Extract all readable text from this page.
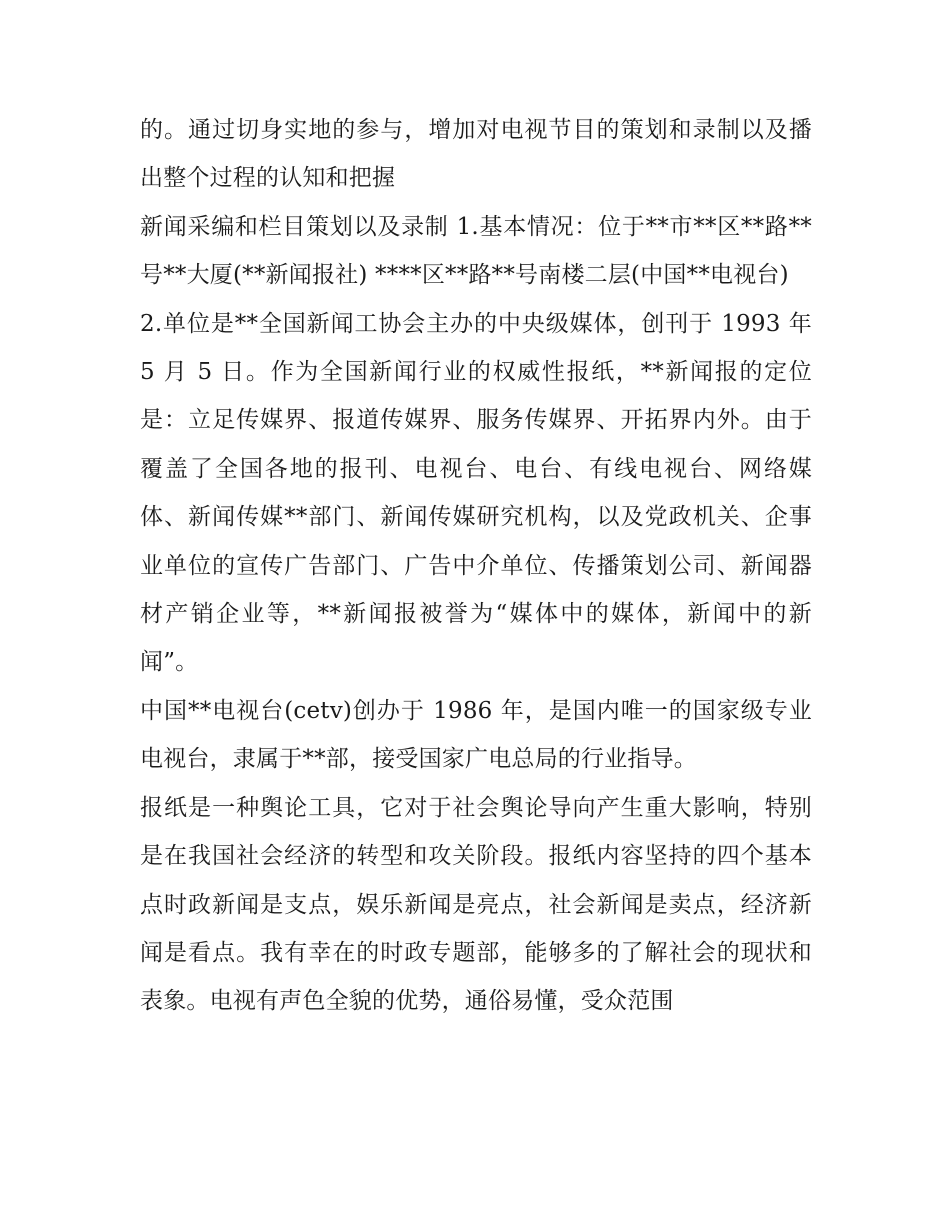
的。通过切身实地的参与，增加对电视节目的策划和录制以及播出整个过程的认知和把握

新闻采编和栏目策划以及录制 1.基本情况：位于**市**区**路**号**大厦(**新闻报社) ****区**路**号南楼二层(中国**电视台)

2.单位是**全国新闻工协会主办的中央级媒体，创刊于 1993 年 5 月 5 日。作为全国新闻行业的权威性报纸，**新闻报的定位是：立足传媒界、报道传媒界、服务传媒界、开拓界内外。由于覆盖了全国各地的报刊、电视台、电台、有线电视台、网络媒体、新闻传媒**部门、新闻传媒研究机构，以及党政机关、企事业单位的宣传广告部门、广告中介单位、传播策划公司、新闻器材产销企业等，**新闻报被誉为“媒体中的媒体，新闻中的新闻”。

中国**电视台(cetv)创办于 1986 年，是国内唯一的国家级专业电视台，隶属于**部，接受国家广电总局的行业指导。

报纸是一种舆论工具，它对于社会舆论导向产生重大影响，特别是在我国社会经济的转型和攻关阶段。报纸内容坚持的四个基本点时政新闻是支点，娱乐新闻是亮点，社会新闻是卖点，经济新闻是看点。我有幸在的时政专题部，能够多的了解社会的现状和表象。电视有声色全貌的优势，通俗易懂，受众范围
